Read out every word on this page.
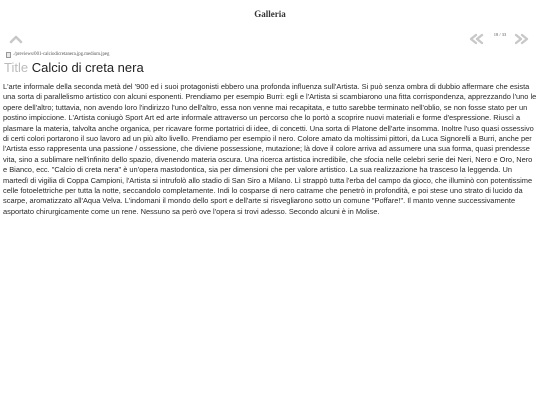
Galleria
18 / 33
./previews/001-calciodicretanera.jpg.medium.jpeg
Title Calcio di creta nera

L'arte informale della seconda metà del '900 ed i suoi protagonisti ebbero una profonda influenza sull'Artista. Si può senza ombra di dubbio affermare che esista una sorta di parallelismo artistico con alcuni esponenti. Prendiamo per esempio Burri: egli e l'Artista si scambiarono una fitta corrispondenza, apprezzando l'uno le opere dell'altro; tuttavia, non avendo loro l'indirizzo l'uno dell'altro, essa non venne mai recapitata, e tutto sarebbe terminato nell'oblio, se non fosse stato per un postino impiccione. L'Artista coniugò Sport Art ed arte informale attraverso un percorso che lo portò a scoprire nuovi materiali e forme d'espressione. Riuscì a plasmare la materia, talvolta anche organica, per ricavare forme portatrici di idee, di concetti. Una sorta di Platone dell'arte insomma. Inoltre l'uso quasi ossessivo di certi colori portarono il suo lavoro ad un più alto livello. Prendiamo per esempio il nero. Colore amato da moltissimi pittori, da Luca Signorelli a Burri, anche per l'Artista esso rappresenta una passione / ossessione, che diviene possessione, mutazione; là dove il colore arriva ad assumere una sua forma, quasi prendesse vita, sino a sublimare nell'infinito dello spazio, divenendo materia oscura. Una ricerca artistica incredibile, che sfocia nelle celebri serie dei Neri, Nero e Oro, Nero e Bianco, ecc. "Calcio di creta nera" è un'opera mastodontica, sia per dimensioni che per valore artistico. La sua realizzazione ha trasceso la leggenda. Un martedì di vigilia di Coppa Campioni, l'Artista si intrufolò allo stadio di San Siro a Milano. Lì strappò tutta l'erba del campo da gioco, che illuminò con potentissime celle fotoelettriche per tutta la notte, seccandolo completamente. Indi lo cosparse di nero catrame che penetrò in profondità, e poi stese uno strato di lucido da scarpe, aromatizzato all'Aqua Velva. L'indomani il mondo dello sport e dell'arte si risvegliarono sotto un comune "Poffare!". Il manto venne successivamente asportato chirurgicamente come un rene. Nessuno sa però ove l'opera si trovi adesso. Secondo alcuni è in Molise.
